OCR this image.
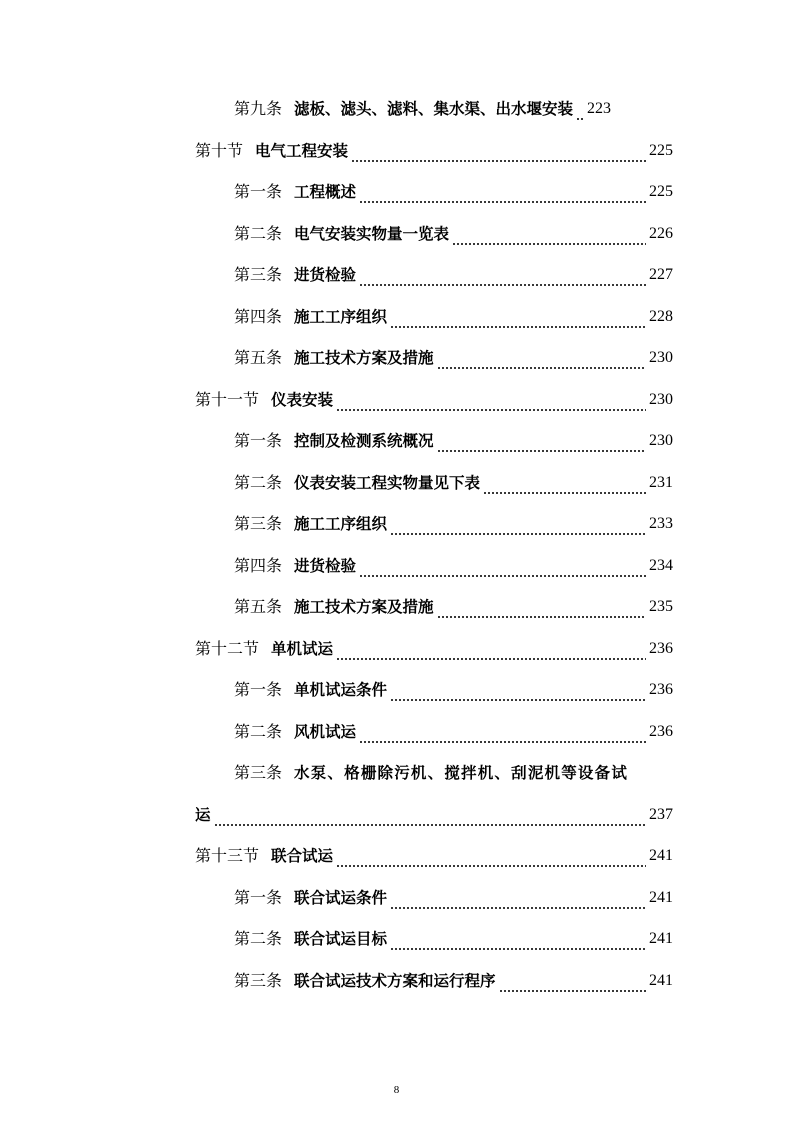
第九条 滤板、滤头、滤料、集水渠、出水堰安装 223
第十节 电气工程安装	225
第一条 工程概述	225
第二条 电气安装实物量一览表	226
第三条 进货检验	227
第四条 施工工序组织	228
第五条 施工技术方案及措施	230
第十一节 仪表安装	230
第一条 控制及检测系统概况	230
第二条 仪表安装工程实物量见下表	231
第三条 施工工序组织	233
第四条 进货检验	234
第五条 施工技术方案及措施	235
第十二节 单机试运	236
第一条 单机试运条件	236
第二条 风机试运	236
第三条 水泵、格栅除污机、搅拌机、刮泥机等设备试
运	237
第十三节 联合试运	241
第一条 联合试运条件	241
第二条 联合试运目标	241
第三条 联合试运技术方案和运行程序	241
8
